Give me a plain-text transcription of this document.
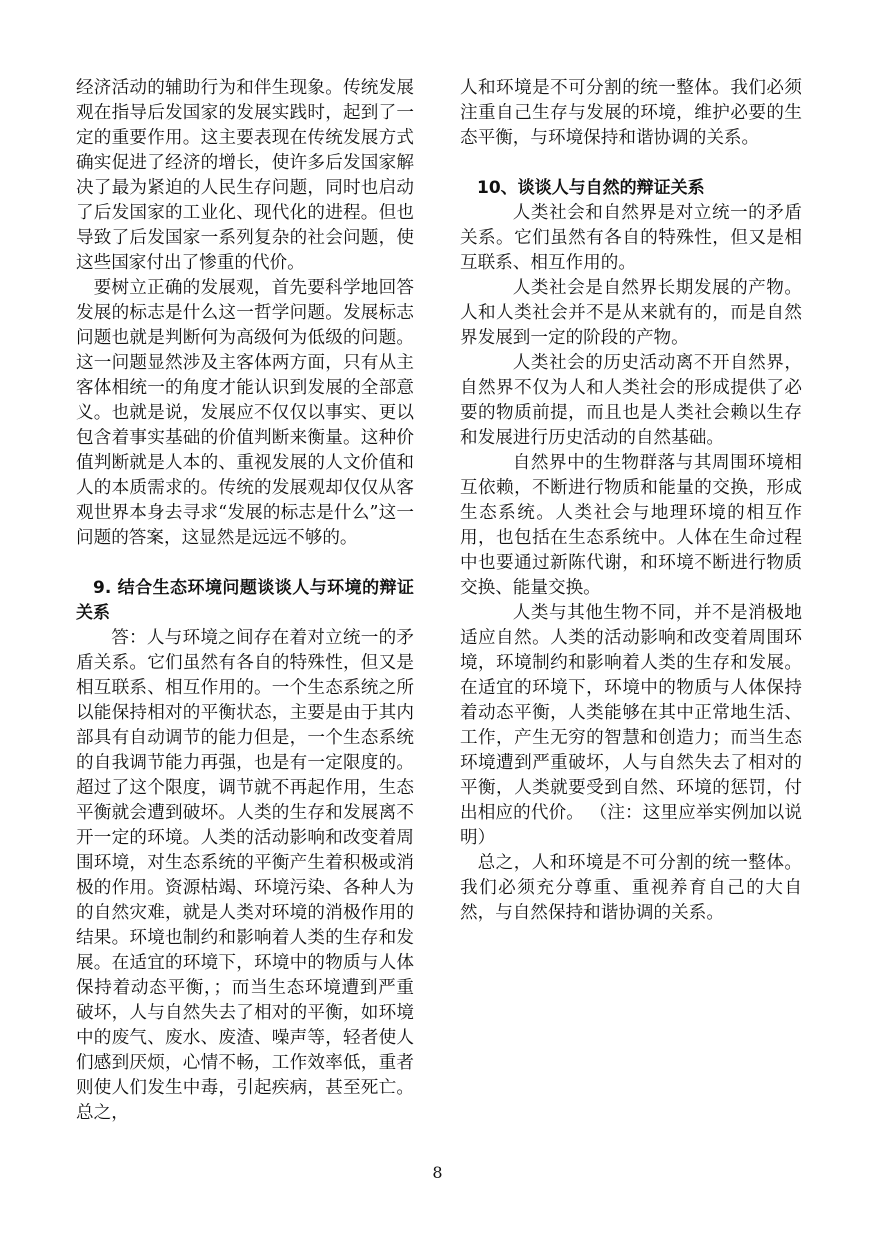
经济活动的辅助行为和伴生现象。传统发展观在指导后发国家的发展实践时，起到了一定的重要作用。这主要表现在传统发展方式确实促进了经济的增长，使许多后发国家解决了最为紧迫的人民生存问题，同时也启动了后发国家的工业化、现代化的进程。但也导致了后发国家一系列复杂的社会问题，使这些国家付出了惨重的代价。

要树立正确的发展观，首先要科学地回答发展的标志是什么这一哲学问题。发展标志问题也就是判断何为高级何为低级的问题。这一问题显然涉及主客体两方面，只有从主客体相统一的角度才能认识到发展的全部意义。也就是说，发展应不仅仅以事实、更以包含着事实基础的价值判断来衡量。这种价值判断就是人本的、重视发展的人文价值和人的本质需求的。传统的发展观却仅仅从客观世界本身去寻求“发展的标志是什么”这一问题的答案，这显然是远远不够的。

9. 结合生态环境问题谈谈人与环境的辩证关系

答：人与环境之间存在着对立统一的矛盾关系。它们虽然有各自的特殊性，但又是相互联系、相互作用的。一个生态系统之所以能保持相对的平衡状态，主要是由于其内部具有自动调节的能力但是，一个生态系统的自我调节能力再强，也是有一定限度的。超过了这个限度，调节就不再起作用，生态平衡就会遭到破坏。人类的生存和发展离不开一定的环境。人类的活动影响和改变着周围环境，对生态系统的平衡产生着积极或消极的作用。资源枯竭、环境污染、各种人为的自然灾难，就是人类对环境的消极作用的结果。环境也制约和影响着人类的生存和发展。在适宜的环境下，环境中的物质与人体保持着动态平衡，；而当生态环境遭到严重破坏，人与自然失去了相对的平衡，如环境中的废气、废水、废渣、噪声等，轻者使人们感到厌烦，心情不畅，工作效率低，重者则使人们发生中毒，引起疾病，甚至死亡。总之，

人和环境是不可分割的统一整体。我们必须注重自己生存与发展的环境，维护必要的生态平衡，与环境保持和谐协调的关系。

10、谈谈人与自然的辩证关系

人类社会和自然界是对立统一的矛盾关系。它们虽然有各自的特殊性，但又是相互联系、相互作用的。

人类社会是自然界长期发展的产物。人和人类社会并不是从来就有的，而是自然界发展到一定的阶段的产物。

人类社会的历史活动离不开自然界，自然界不仅为人和人类社会的形成提供了必要的物质前提，而且也是人类社会赖以生存和发展进行历史活动的自然基础。

自然界中的生物群落与其周围环境相互依赖，不断进行物质和能量的交换，形成生态系统。人类社会与地理环境的相互作用，也包括在生态系统中。人体在生命过程中也要通过新陈代谢，和环境不断进行物质交换、能量交换。

人类与其他生物不同，并不是消极地适应自然。人类的活动影响和改变着周围环境，环境制约和影响着人类的生存和发展。在适宜的环境下，环境中的物质与人体保持着动态平衡，人类能够在其中正常地生活、工作，产生无穷的智慧和创造力；而当生态环境遭到严重破坏，人与自然失去了相对的平衡，人类就要受到自然、环境的惩罚，付出相应的代价。 （注：这里应举实例加以说明）

总之，人和环境是不可分割的统一整体。我们必须充分尊重、重视养育自己的大自然，与自然保持和谐协调的关系。

8
